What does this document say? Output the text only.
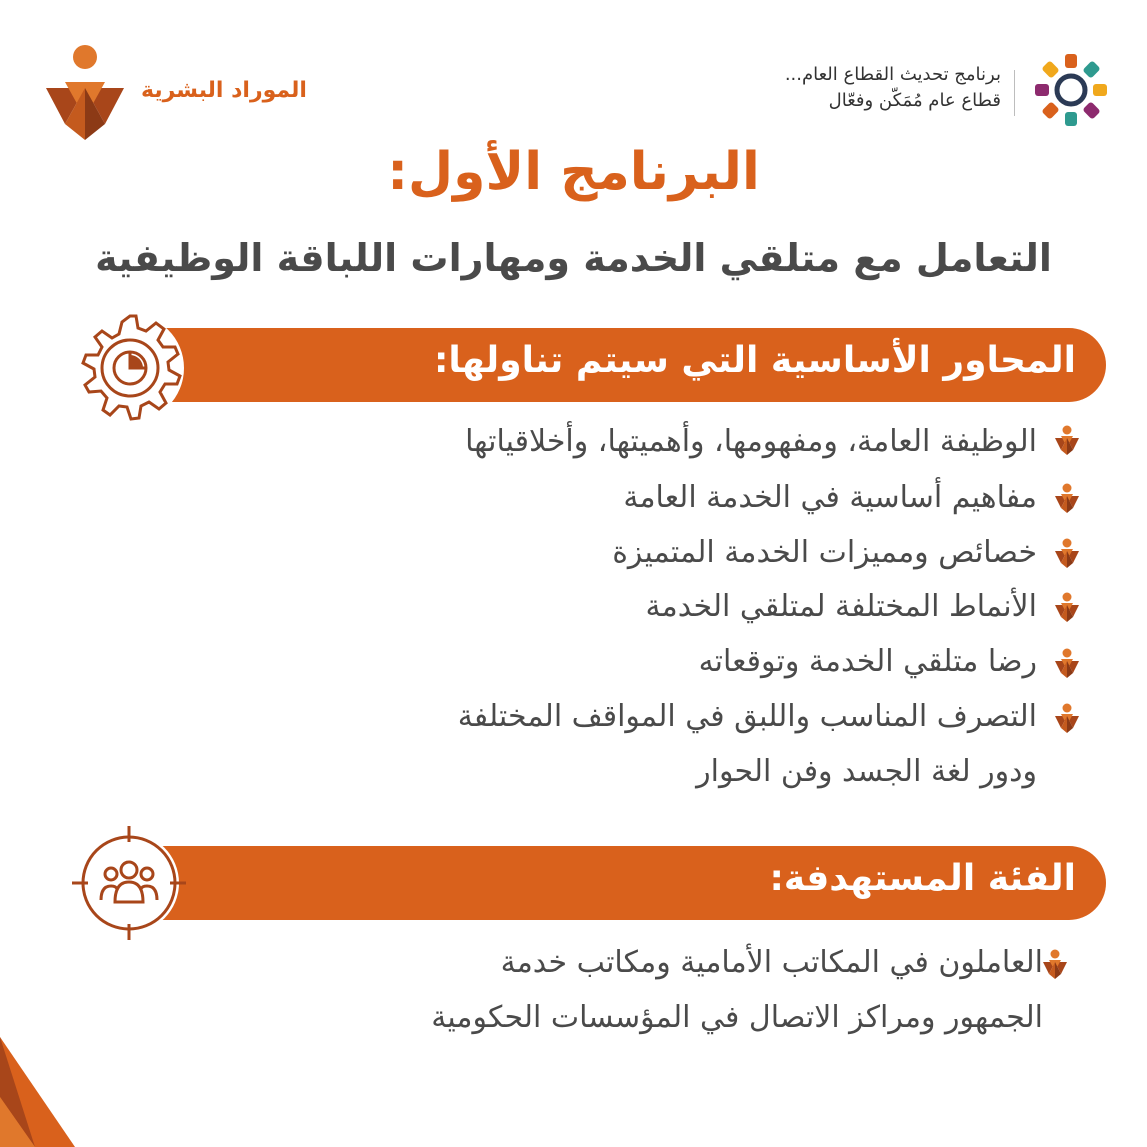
الموراد البشرية
برنامج تحديث القطاع العام...
قطاع عام مُمَكّن وفعّال
البرنامج الأول:
التعامل مع متلقي الخدمة ومهارات اللباقة الوظيفية
المحاور الأساسية التي سيتم تناولها:
الوظيفة العامة، ومفهومها، وأهميتها، وأخلاقياتها
مفاهيم أساسية في الخدمة العامة
خصائص ومميزات الخدمة المتميزة
الأنماط المختلفة لمتلقي الخدمة
رضا متلقي الخدمة وتوقعاته
التصرف المناسب واللبق في المواقف المختلفة
ودور لغة الجسد وفن الحوار
الفئة المستهدفة:
العاملون في المكاتب الأمامية ومكاتب خدمة
الجمهور ومراكز الاتصال في المؤسسات الحكومية
